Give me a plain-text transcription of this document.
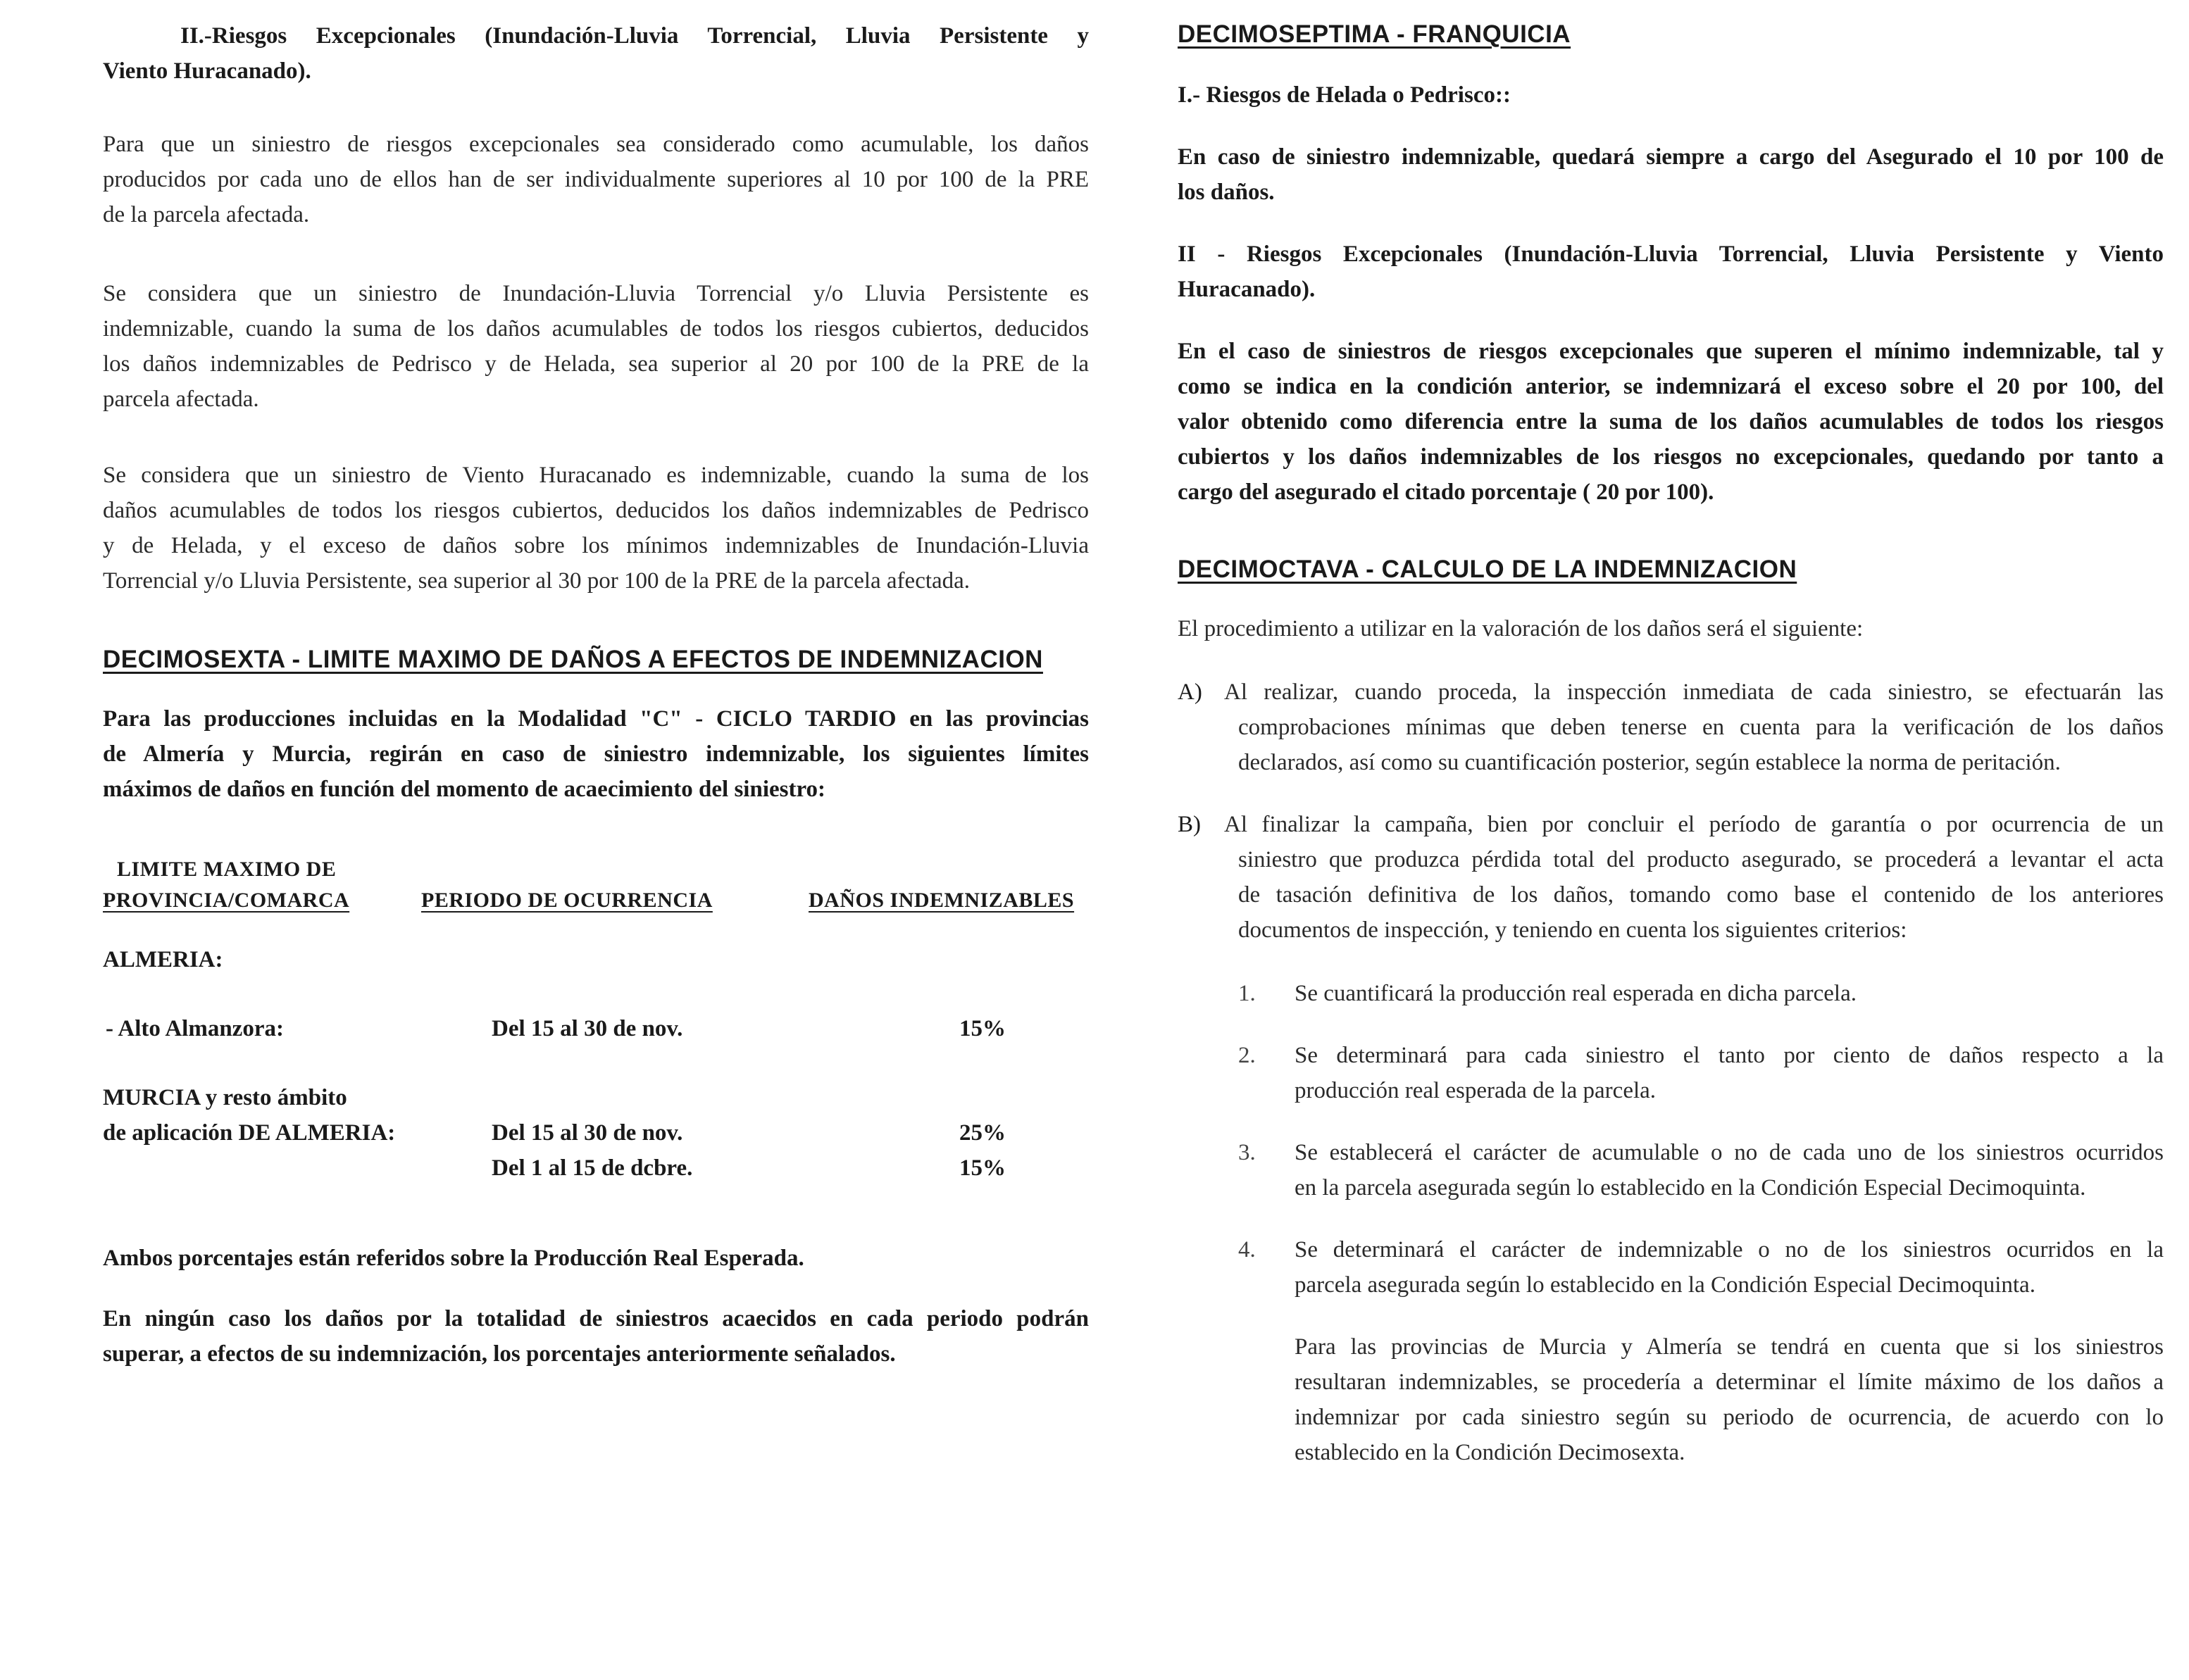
II.-Riesgos Excepcionales (Inundación-Lluvia Torrencial, Lluvia Persistente y

Viento Huracanado).

Para que un siniestro de riesgos excepcionales sea considerado como acumulable, los daños

producidos por cada uno de ellos han de ser individualmente superiores al 10 por 100 de la PRE

de la parcela afectada.

Se considera que un siniestro de Inundación-Lluvia Torrencial y/o Lluvia Persistente es

indemnizable, cuando la suma de los daños acumulables de todos los riesgos cubiertos, deducidos

los daños indemnizables de Pedrisco y de Helada, sea superior al 20 por 100 de la PRE de la

parcela afectada.

Se considera que un siniestro de Viento Huracanado es indemnizable, cuando la suma de los

daños acumulables de todos los riesgos cubiertos, deducidos los daños indemnizables de Pedrisco

y de Helada, y el exceso de daños sobre los mínimos indemnizables de Inundación-Lluvia

Torrencial y/o Lluvia Persistente, sea superior al 30 por 100 de la PRE de la parcela afectada.

DECIMOSEXTA - LIMITE MAXIMO DE DAÑOS A EFECTOS DE INDEMNIZACION

Para las producciones incluidas en la Modalidad "C" - CICLO TARDIO en las provincias

de Almería y Murcia, regirán en caso de siniestro indemnizable, los siguientes límites

máximos de daños en función del momento de acaecimiento del siniestro:

LIMITE MAXIMO DE
PROVINCIA/COMARCA	PERIODO DE OCURRENCIA	DAÑOS INDEMNIZABLES
ALMERIA:
- Alto Almanzora:	Del 15 al 30 de nov.	15%
MURCIA y resto ámbito
de aplicación DE ALMERIA:	Del 15 al 30 de nov.	25%
Del 1 al 15 de dcbre.	15%

Ambos porcentajes están referidos sobre la Producción Real Esperada.

En ningún caso los daños por la totalidad de siniestros acaecidos en cada periodo podrán

superar, a efectos de su indemnización, los porcentajes anteriormente señalados.

DECIMOSEPTIMA - FRANQUICIA

I.- Riesgos de Helada o Pedrisco::

En caso de siniestro indemnizable, quedará siempre a cargo del Asegurado el 10 por 100 de

los daños.

II - Riesgos Excepcionales (Inundación-Lluvia Torrencial, Lluvia Persistente y Viento

Huracanado).

En el caso de siniestros de riesgos excepcionales que superen el mínimo indemnizable, tal y

como se indica en la condición anterior, se indemnizará el exceso sobre el 20 por 100, del

valor obtenido como diferencia entre la suma de los daños acumulables de todos los riesgos

cubiertos y los daños indemnizables de los riesgos no excepcionales, quedando por tanto a

cargo del asegurado el citado porcentaje ( 20 por 100).

DECIMOCTAVA - CALCULO DE LA INDEMNIZACION

El procedimiento a utilizar en la valoración de los daños será el siguiente:

A) Al realizar, cuando proceda, la inspección inmediata de cada siniestro, se efectuarán las

comprobaciones mínimas que deben tenerse en cuenta para la verificación de los daños

declarados, así como su cuantificación posterior, según establece la norma de peritación.

B) Al finalizar la campaña, bien por concluir el período de garantía o por ocurrencia de un

siniestro que produzca pérdida total del producto asegurado, se procederá a levantar el acta

de tasación definitiva de los daños, tomando como base el contenido de los anteriores

documentos de inspección, y teniendo en cuenta los siguientes criterios:

1. Se cuantificará la producción real esperada en dicha parcela.

2. Se determinará para cada siniestro el tanto por ciento de daños respecto a la

producción real esperada de la parcela.

3. Se establecerá el carácter de acumulable o no de cada uno de los siniestros ocurridos

en la parcela asegurada según lo establecido en la Condición Especial Decimoquinta.

4. Se determinará el carácter de indemnizable o no de los siniestros ocurridos en la

parcela asegurada según lo establecido en la Condición Especial Decimoquinta.

Para las provincias de Murcia y Almería se tendrá en cuenta que si los siniestros

resultaran indemnizables, se procedería a determinar el límite máximo de los daños a

indemnizar por cada siniestro según su periodo de ocurrencia, de acuerdo con lo

establecido en la Condición Decimosexta.
